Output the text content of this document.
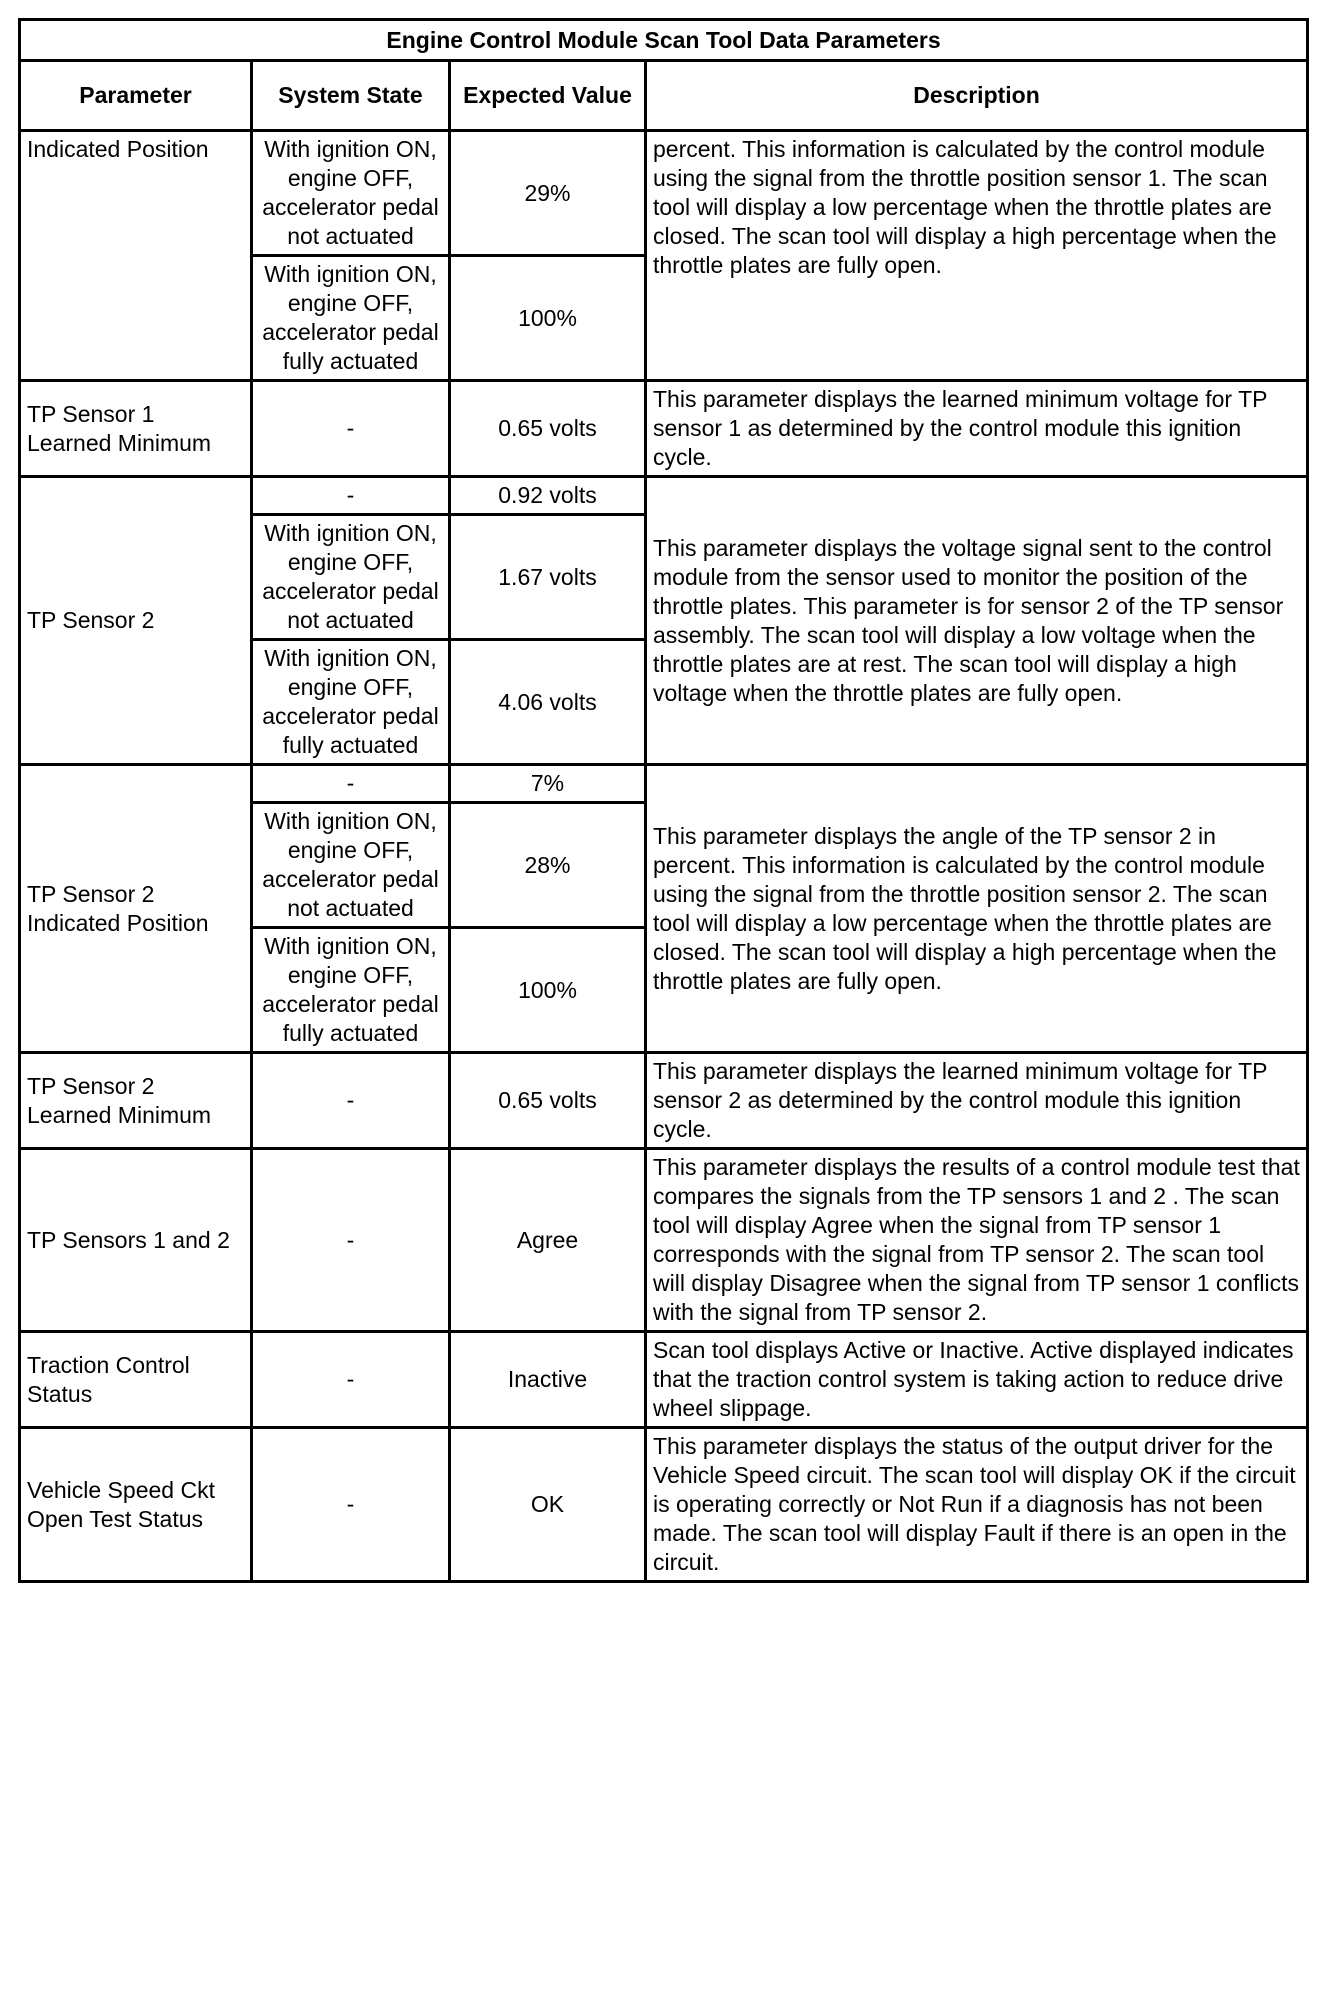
Engine Control Module Scan Tool Data Parameters			
Parameter	System State	Expected Value	Description
Indicated Position	With ignition ON, engine OFF, accelerator pedal not actuated	29%	percent. This information is calculated by the control module using the signal from the throttle position sensor 1. The scan tool will display a low percentage when the throttle plates are closed. The scan tool will display a high percentage when the throttle plates are fully open.
	With ignition ON, engine OFF, accelerator pedal fully actuated	100%	
TP Sensor 1 Learned Minimum	-	0.65 volts	This parameter displays the learned minimum voltage for TP sensor 1 as determined by the control module this ignition cycle.
TP Sensor 2	-	0.92 volts	This parameter displays the voltage signal sent to the control module from the sensor used to monitor the position of the throttle plates. This parameter is for sensor 2 of the TP sensor assembly. The scan tool will display a low voltage when the throttle plates are at rest. The scan tool will display a high voltage when the throttle plates are fully open.
	With ignition ON, engine OFF, accelerator pedal not actuated	1.67 volts	
	With ignition ON, engine OFF, accelerator pedal fully actuated	4.06 volts	
TP Sensor 2 Indicated Position	-	7%	This parameter displays the angle of the TP sensor 2 in percent. This information is calculated by the control module using the signal from the throttle position sensor 2. The scan tool will display a low percentage when the throttle plates are closed. The scan tool will display a high percentage when the throttle plates are fully open.
	With ignition ON, engine OFF, accelerator pedal not actuated	28%	
	With ignition ON, engine OFF, accelerator pedal fully actuated	100%	
TP Sensor 2 Learned Minimum	-	0.65 volts	This parameter displays the learned minimum voltage for TP sensor 2 as determined by the control module this ignition cycle.
TP Sensors 1 and 2	-	Agree	This parameter displays the results of a control module test that compares the signals from the TP sensors 1 and 2 . The scan tool will display Agree when the signal from TP sensor 1 corresponds with the signal from TP sensor 2. The scan tool will display Disagree when the signal from TP sensor 1 conflicts with the signal from TP sensor 2.
Traction Control Status	-	Inactive	Scan tool displays Active or Inactive. Active displayed indicates that the traction control system is taking action to reduce drive wheel slippage.
Vehicle Speed Ckt Open Test Status	-	OK	This parameter displays the status of the output driver for the Vehicle Speed circuit. The scan tool will display OK if the circuit is operating correctly or Not Run if a diagnosis has not been made. The scan tool will display Fault if there is an open in the circuit.
